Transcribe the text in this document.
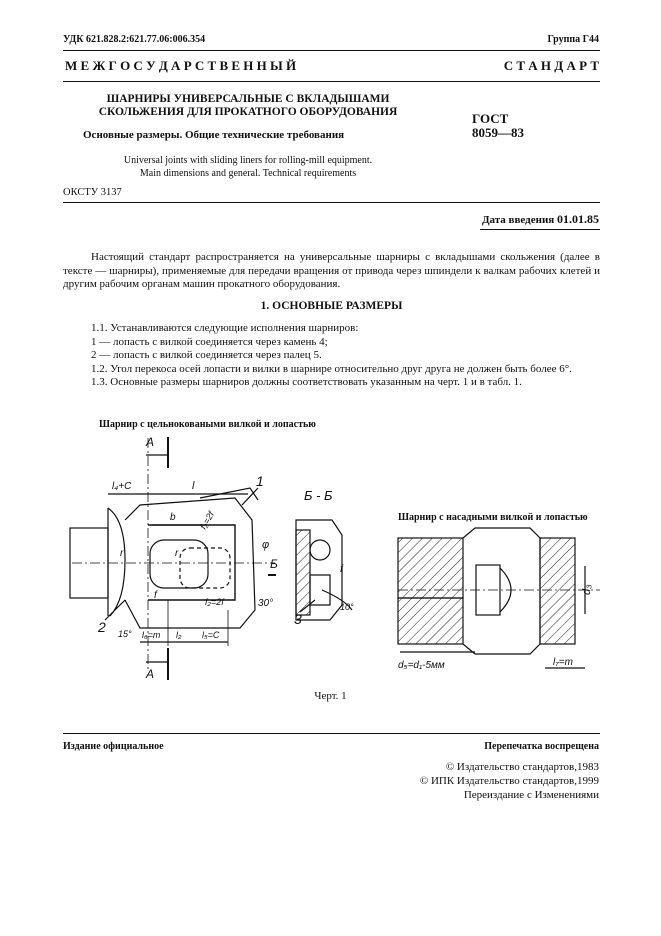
УДК 621.828.2:621.77.06:006.354	Группа Г44
М Е Ж Г О С У Д А Р С Т В Е Н Н Ы Й	С Т А Н Д А Р Т
ШАРНИРЫ УНИВЕРСАЛЬНЫЕ С ВКЛАДЫШАМИ
СКОЛЬЖЕНИЯ ДЛЯ ПРОКАТНОГО ОБОРУДОВАНИЯ
Основные размеры. Общие технические требования
Universal joints with sliding liners for rolling-mill equipment.
Main dimensions and general. Technical requirements
ГОСТ
8059—83
ОКСТУ 3137
Дата введения 01.01.85
Настоящий стандарт распространяется на универсальные шарниры с вкладышами скольжения (далее в тексте — шарниры), применяемые для передачи вращения от привода через шпиндели к валкам рабочих клетей и другим рабочим органам машин прокатного оборудования.
1. ОСНОВНЫЕ РАЗМЕРЫ
1.1. Устанавливаются следующие исполнения шарниров:
1 — лопасть с вилкой соединяется через камень 4;
2 — лопасть с вилкой соединяется через палец 5.
1.2. Угол перекоса осей лопасти и вилки в шарнире относительно друг друга не должен быть более 6°.
1.3. Основные размеры шарниров должны соответствовать указанным на черт. 1 и в табл. 1.
Шарнир с цельноковаными вилкой и лопастью
Шарнир с насадными вилкой и лопастью
А
А
Б - Б
Б
l₄+С	l
b	f₂=2f
f₂=2f
r	r
φ
f
f
30°
15°
10°
l₆=m l₂ l₅=C
1
2	3
d₃
d₅=d₁-5мм	l₇=m
Черт. 1
Издание официальное	Перепечатка воспрещена
© Издательство стандартов,1983
© ИПК Издательство стандартов,1999
Переиздание с Изменениями
